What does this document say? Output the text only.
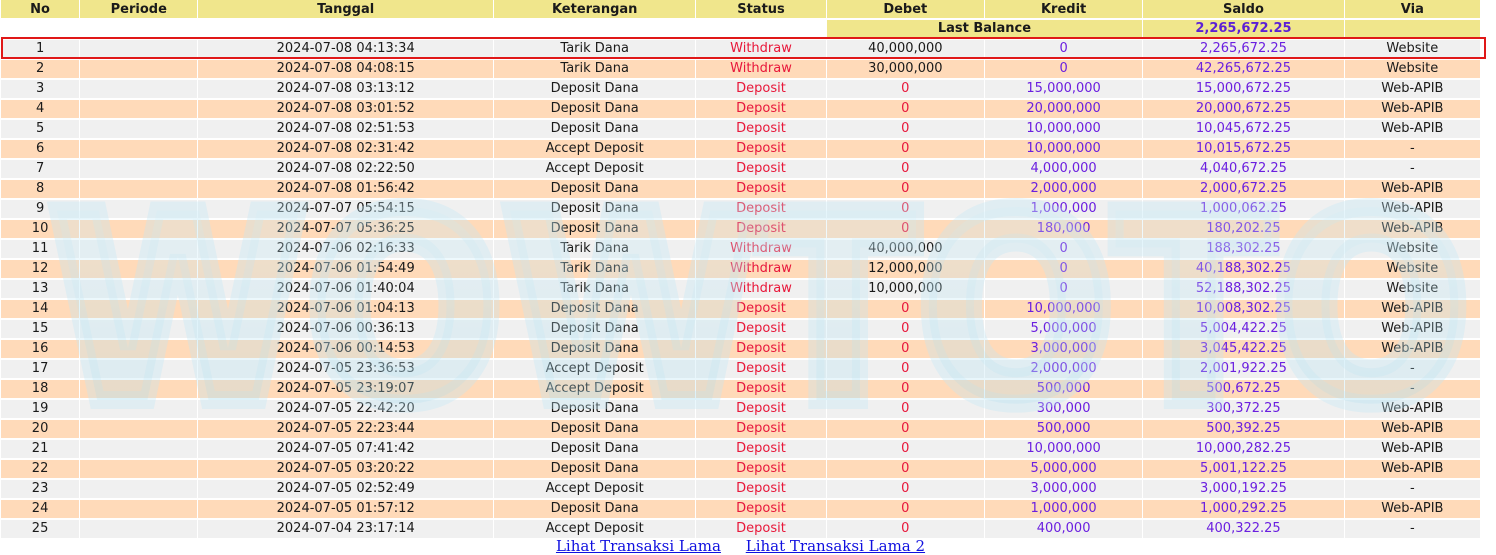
No	Periode	Tanggal	Keterangan	Status	Debet	Kredit	Saldo	Via
					Last Balance		2,265,672.25	
1		2024-07-08 04:13:34	Tarik Dana	Withdraw	40,000,000	0	2,265,672.25	Website
2		2024-07-08 04:08:15	Tarik Dana	Withdraw	30,000,000	0	42,265,672.25	Website
3		2024-07-08 03:13:12	Deposit Dana	Deposit	0	15,000,000	15,000,672.25	Web-APIB
4		2024-07-08 03:01:52	Deposit Dana	Deposit	0	20,000,000	20,000,672.25	Web-APIB
5		2024-07-08 02:51:53	Deposit Dana	Deposit	0	10,000,000	10,045,672.25	Web-APIB
6		2024-07-08 02:31:42	Accept Deposit	Deposit	0	10,000,000	10,015,672.25	-
7		2024-07-08 02:22:50	Accept Deposit	Deposit	0	4,000,000	4,040,672.25	-
8		2024-07-08 01:56:42	Deposit Dana	Deposit	0	2,000,000	2,000,672.25	Web-APIB
9		2024-07-07 05:54:15	Deposit Dana	Deposit	0	1,000,000	1,000,062.25	Web-APIB
10		2024-07-07 05:36:25	Deposit Dana	Deposit	0	180,000	180,202.25	Web-APIB
11		2024-07-06 02:16:33	Tarik Dana	Withdraw	40,000,000	0	188,302.25	Website
12		2024-07-06 01:54:49	Tarik Dana	Withdraw	12,000,000	0	40,188,302.25	Website
13		2024-07-06 01:40:04	Tarik Dana	Withdraw	10,000,000	0	52,188,302.25	Website
14		2024-07-06 01:04:13	Deposit Dana	Deposit	0	10,000,000	10,008,302.25	Web-APIB
15		2024-07-06 00:36:13	Deposit Dana	Deposit	0	5,000,000	5,004,422.25	Web-APIB
16		2024-07-06 00:14:53	Deposit Dana	Deposit	0	3,000,000	3,045,422.25	Web-APIB
17		2024-07-05 23:36:53	Accept Deposit	Deposit	0	2,000,000	2,001,922.25	-
18		2024-07-05 23:19:07	Accept Deposit	Deposit	0	500,000	500,672.25	-
19		2024-07-05 22:42:20	Deposit Dana	Deposit	0	300,000	300,372.25	Web-APIB
20		2024-07-05 22:23:44	Deposit Dana	Deposit	0	500,000	500,392.25	Web-APIB
21		2024-07-05 07:41:42	Deposit Dana	Deposit	0	10,000,000	10,000,282.25	Web-APIB
22		2024-07-05 03:20:22	Deposit Dana	Deposit	0	5,000,000	5,001,122.25	Web-APIB
23		2024-07-05 02:52:49	Accept Deposit	Deposit	0	3,000,000	3,000,192.25	-
24		2024-07-05 01:57:12	Deposit Dana	Deposit	0	1,000,000	1,000,292.25	Web-APIB
25		2024-07-04 23:17:14	Accept Deposit	Deposit	0	400,000	400,322.25	-
WOWTOTO
WOWTOTO
Lihat Transaksi Lama Lihat Transaksi Lama 2
